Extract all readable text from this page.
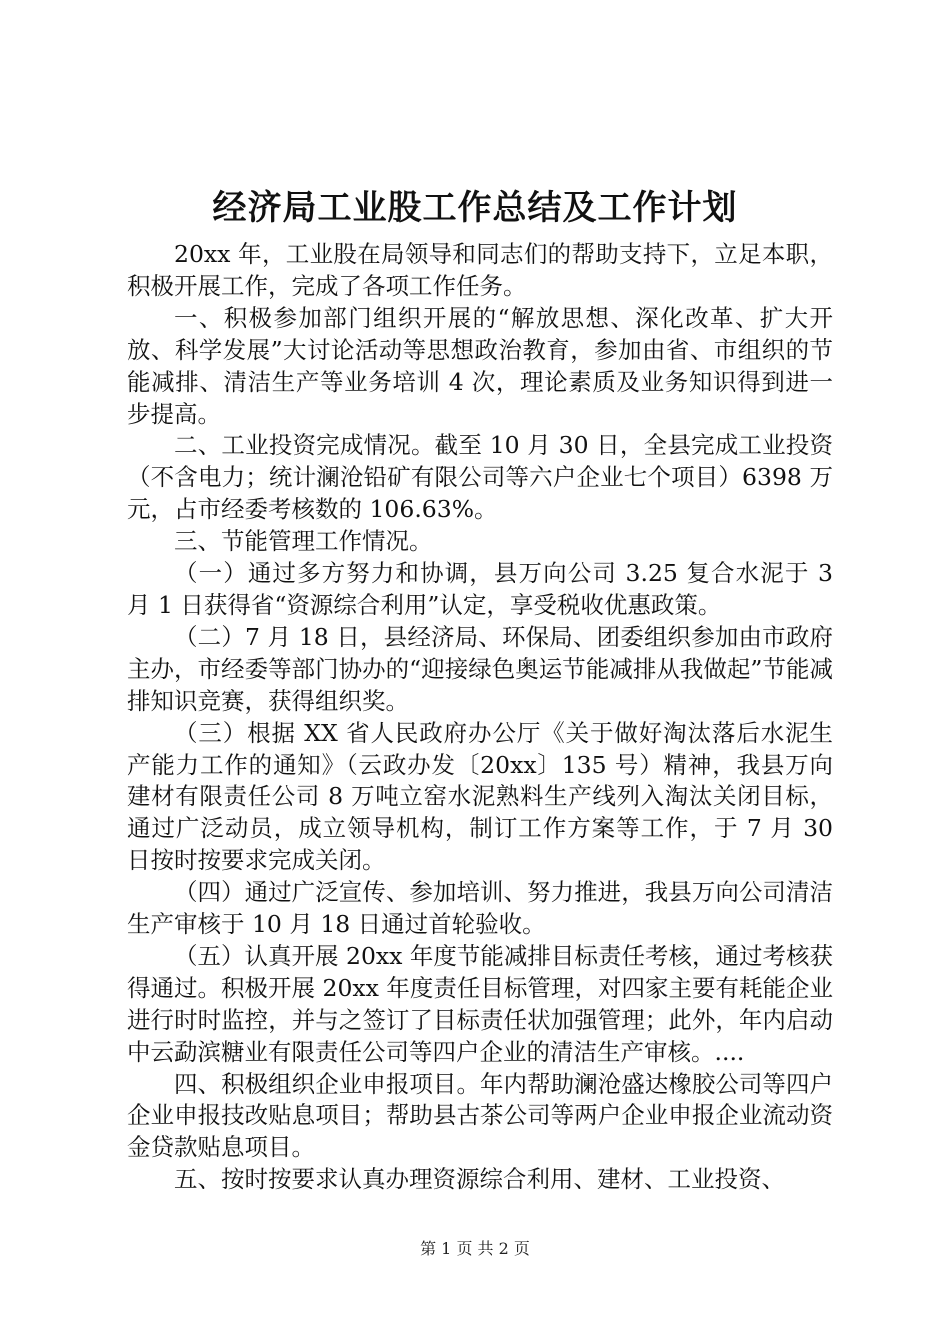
经济局工业股工作总结及工作计划

20xx 年，工业股在局领导和同志们的帮助支持下，立足本职，积极开展工作，完成了各项工作任务。

一、积极参加部门组织开展的“解放思想、深化改革、扩大开放、科学发展”大讨论活动等思想政治教育，参加由省、市组织的节能减排、清洁生产等业务培训 4 次，理论素质及业务知识得到进一步提高。

二、工业投资完成情况。截至 10 月 30 日，全县完成工业投资（不含电力；统计澜沧铅矿有限公司等六户企业七个项目）6398 万元，占市经委考核数的 106.63%。

三、节能管理工作情况。

（一）通过多方努力和协调，县万向公司 3.25 复合水泥于 3 月 1 日获得省“资源综合利用”认定，享受税收优惠政策。

（二）7 月 18 日，县经济局、环保局、团委组织参加由市政府主办，市经委等部门协办的“迎接绿色奥运节能减排从我做起”节能减排知识竞赛，获得组织奖。

（三）根据 XX 省人民政府办公厅《关于做好淘汰落后水泥生产能力工作的通知》（云政办发〔20xx〕135 号）精神，我县万向建材有限责任公司 8 万吨立窑水泥熟料生产线列入淘汰关闭目标，通过广泛动员，成立领导机构，制订工作方案等工作，于 7 月 30 日按时按要求完成关闭。

（四）通过广泛宣传、参加培训、努力推进，我县万向公司清洁生产审核于 10 月 18 日通过首轮验收。

（五）认真开展 20xx 年度节能减排目标责任考核，通过考核获得通过。积极开展 20xx 年度责任目标管理，对四家主要有耗能企业进行时时监控，并与之签订了目标责任状加强管理；此外，年内启动中云勐滨糖业有限责任公司等四户企业的清洁生产审核。....

四、积极组织企业申报项目。年内帮助澜沧盛达橡胶公司等四户企业申报技改贴息项目；帮助县古茶公司等两户企业申报企业流动资金贷款贴息项目。

五、按时按要求认真办理资源综合利用、建材、工业投资、

第 1 页 共 2 页
